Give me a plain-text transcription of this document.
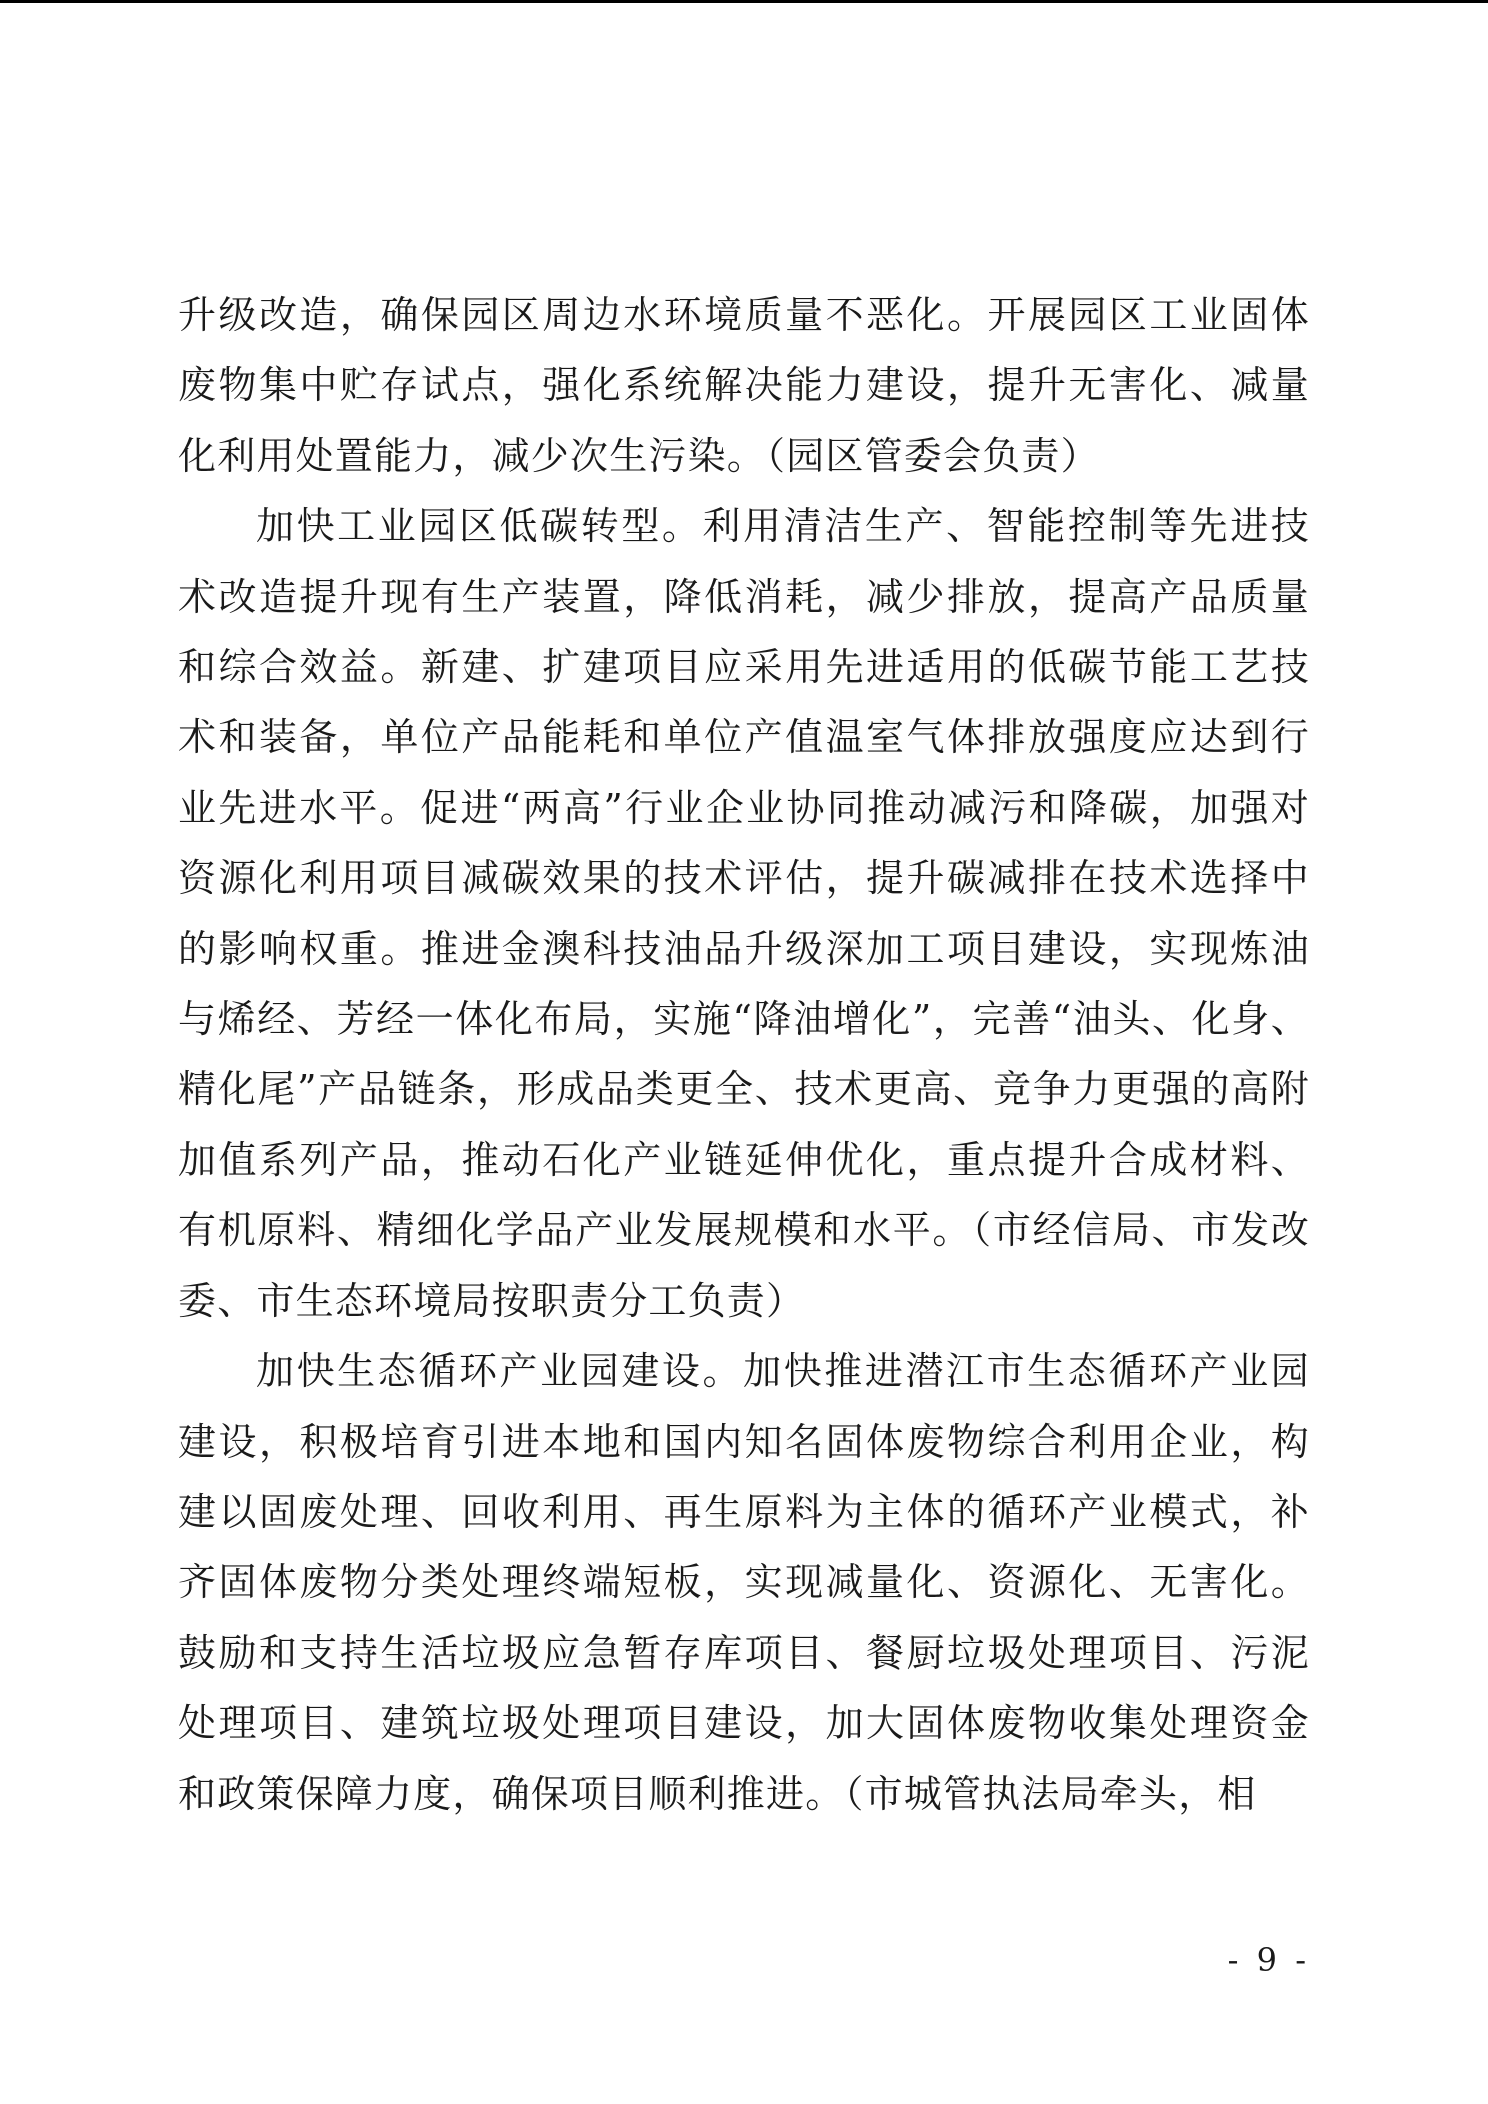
升级改造，确保园区周边水环境质量不恶化。开展园区工业固体废物集中贮存试点，强化系统解决能力建设，提升无害化、减量化利用处置能力，减少次生污染。（园区管委会负责）

加快工业园区低碳转型。利用清洁生产、智能控制等先进技术改造提升现有生产装置，降低消耗，减少排放，提高产品质量和综合效益。新建、扩建项目应采用先进适用的低碳节能工艺技术和装备，单位产品能耗和单位产值温室气体排放强度应达到行业先进水平。促进“两高”行业企业协同推动减污和降碳，加强对资源化利用项目减碳效果的技术评估，提升碳减排在技术选择中的影响权重。推进金澳科技油品升级深加工项目建设，实现炼油与烯经、芳经一体化布局，实施“降油增化”，完善“油头、化身、精化尾”产品链条，形成品类更全、技术更高、竞争力更强的高附加值系列产品，推动石化产业链延伸优化，重点提升合成材料、有机原料、精细化学品产业发展规模和水平。（市经信局、市发改委、市生态环境局按职责分工负责）

加快生态循环产业园建设。加快推进潜江市生态循环产业园建设，积极培育引进本地和国内知名固体废物综合利用企业，构建以固废处理、回收利用、再生原料为主体的循环产业模式，补齐固体废物分类处理终端短板，实现减量化、资源化、无害化。鼓励和支持生活垃圾应急暂存库项目、餐厨垃圾处理项目、污泥处理项目、建筑垃圾处理项目建设，加大固体废物收集处理资金和政策保障力度，确保项目顺利推进。（市城管执法局牵头，相

- 9 -
